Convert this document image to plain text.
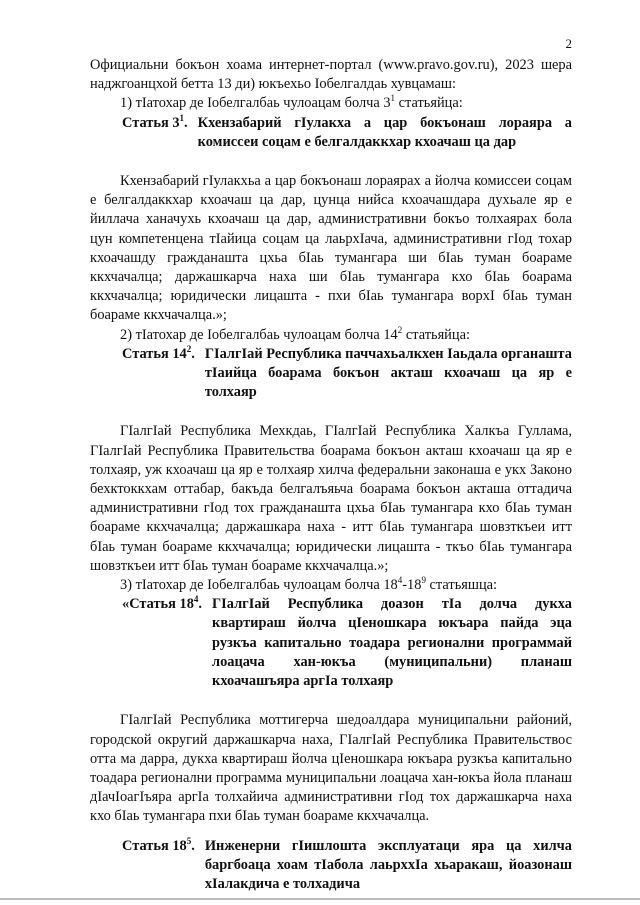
2

Официальни бокъон хоама интернет-портал (www.pravo.gov.ru), 2023 шера наджгоанцхой бетта 13 ди) юкъехьо Iобелгалдаь хувцамаш:

1) тIатохар де Iобелгалбаь чулоацам болча $3^1$ статьяйца:

Статья $3^1$. Кхензабарий гIулакха а цар бокъонаш лораяра а комиссеи соцам е белгалдаккхар кхоачаш ца дар

Кхензабарий гIулакхьа а цар бокъонаш лораярах а йолча комиссеи соцам е белгалдаккхар кхоачаш ца дар, цунца нийса кхоачашдара духьале яр е йиллача ханачухь кхоачаш ца дар, административни бокъо толхаярах бола цун компетенцена тIайица соцам ца лаьрхIача, административни гIод тохар кхоачашду гражданашта цхьа бIаь тумангара ши бIаь туман боараме ккхчачалца; даржашкарча наха ши бIаь тумангара кхо бIаь боарама ккхчачалца; юридически лицашта - пхи бIаь тумангара ворхI бIаь туман боараме ккхчачалца.»;

2) тIатохар де Iобелгалбаь чулоацам болча $14^2$ статьяйца:

Статья $14^2$. ГIалгIай Республика паччахьалкхен Iаьдала органашта тIаийца боарама бокъон акташ кхоачаш ца яр е толхаяр

ГIалгIай Республика Мехкдаь, ГIалгIай Республика Халкъа Гуллама, ГIалгIай Республика Правительства боарама бокъон акташ кхоачаш ца яр е толхаяр, уж кхоачаш ца яр е толхаяр хилча федеральни законаша е укх Законо бехктоккхам оттабар, бакъда белгалъяьча боарама бокъон акташа оттадича административни гIод тох гражданашта цхьа бIаь тумангара кхо бIаь туман боараме ккхчачалца; даржашкара наха - итт бIаь тумангара шовзткъеи итт бIаь туман боараме ккхчачалца; юридически лицашта - ткъо бIаь тумангара шовзткъеи итт бIаь туман боараме ккхчачалца.»;

3) тIатохар де Iобелгалбаь чулоацам болча $18^4-18^9$ статьяшца:

«Статья $18^4$. ГIалгIай Республика доазон тIа долча дукха квартираш йолча цIеношкара юкъара пайда эца рузкъа капитально тоадара регионални программай лоацача хан-юкъа (муниципальни) планаш кхоачашъяра аргIа толхаяр

ГIалгIай Республика моттигерча шедоалдара муниципальни районий, городской округий даржашкарча наха, ГIалгIай Республика Правительствос отта ма дарра, дукха квартираш йолча цIеношкара юкъара рузкъа капитально тоадара регионални программа муниципальни лоацача хан-юкъа йола планаш дIачIоагIъяра аргIа толхайича административни гIод тох даржашкарча наха кхо бIаь тумангара пхи бIаь туман боараме ккхчачалца.

Статья $18^5$. Инженерни гIишлошта эксплуатаци яра ца хилча баргбоаца хоам тIабола лаьрххIа хьаракаш, йоазонаш хIалакдича е толхадича
